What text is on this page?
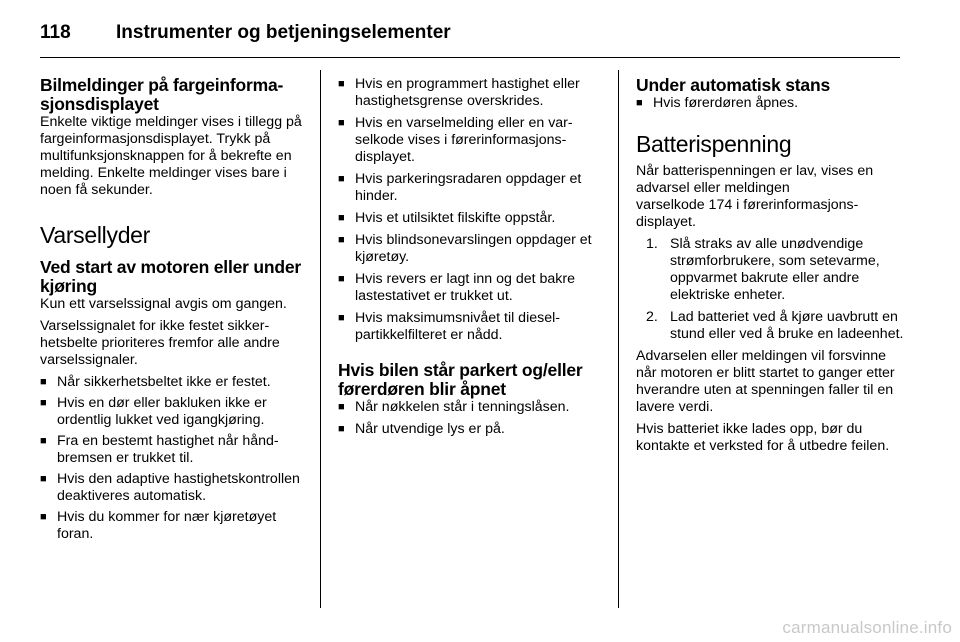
118 Instrumenter og betjeningselementer
Bilmeldinger på fargeinforma-
sjonsdisplayet

Enkelte viktige meldinger vises i tillegg på fargeinformasjonsdisplayet. Trykk på multifunksjonsknappen for å bekrefte en melding. Enkelte meldinger vises bare i noen få sekunder.

Varsellyder
Ved start av motoren eller under
kjøring

Kun ett varselssignal avgis om gangen.

Varselssignalet for ikke festet sikkerhetsbelte prioriteres fremfor alle andre varselssignaler.

■ Når sikkerhetsbeltet ikke er festet.
■ Hvis en dør eller bakluken ikke er ordentlig lukket ved igangkjøring.
■ Fra en bestemt hastighet når håndbremsen er trukket til.
■ Hvis den adaptive hastighetskontrollen deaktiveres automatisk.
■ Hvis du kommer for nær kjøretøyet foran.
■ Hvis en programmert hastighet eller hastighetsgrense overskrides.
■ Hvis en varselmelding eller en varselkode vises i førerinformasjonsdisplayet.
■ Hvis parkeringsradaren oppdager et hinder.
■ Hvis et utilsiktet filskifte oppstår.
■ Hvis blindsonevarslingen oppdager et kjøretøy.
■ Hvis revers er lagt inn og det bakre lastestativet er trukket ut.
■ Hvis maksimumsnivået til dieselpartikkelfilteret er nådd.
Hvis bilen står parkert og/eller
førerdøren blir åpnet
■ Når nøkkelen står i tenningslåsen.
■ Når utvendige lys er på.
Under automatisk stans
■ Hvis førerdøren åpnes.
Batterispenning

Når batterispenningen er lav, vises en advarsel eller meldingen
varselkode 174 i førerinformasjonsdisplayet.

1. Slå straks av alle unødvendige strømforbrukere, som setevarme, oppvarmet bakrute eller andre elektriske enheter.
2. Lad batteriet ved å kjøre uavbrutt en stund eller ved å bruke en ladeenhet.

Advarselen eller meldingen vil forsvinne når motoren er blitt startet to ganger etter hverandre uten at spenningen faller til en lavere verdi.

Hvis batteriet ikke lades opp, bør du kontakte et verksted for å utbedre feilen.

carmanualsonline.info
